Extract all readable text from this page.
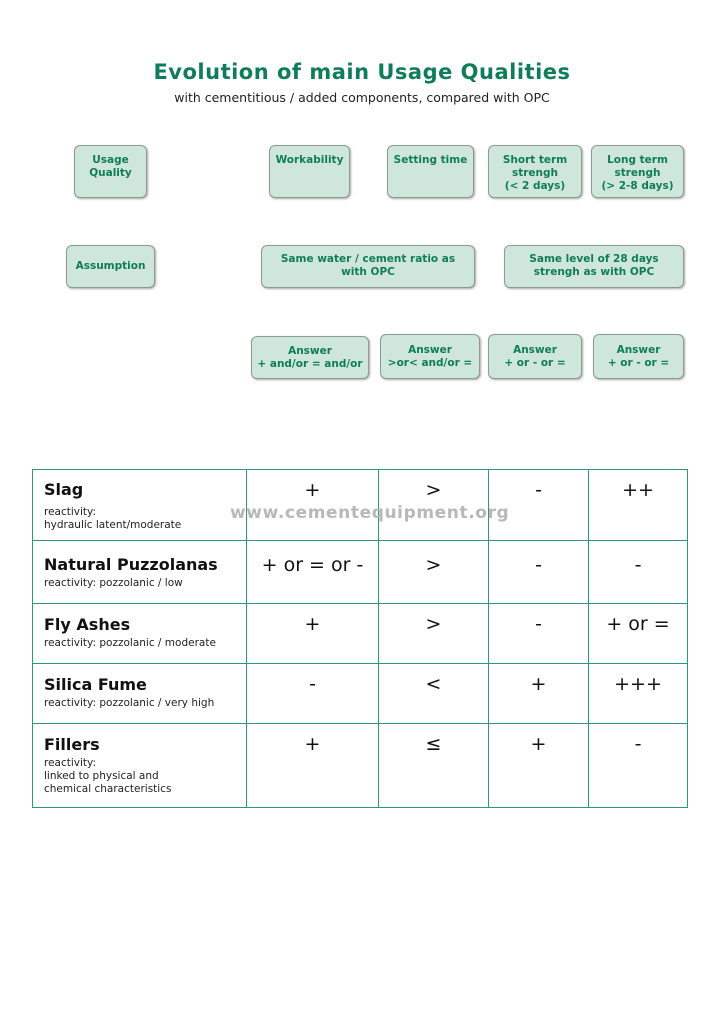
Evolution of main Usage Qualities
with cementitious / added components, compared with OPC
Usage
Quality
Workability	Setting time	Short term
strengh
(< 2 days)
Long term
strengh
(> 2-8 days)
Assumption
Same water / cement ratio as
with OPC
Same level of 28 days
strengh as with OPC
Answer
+ and/or = and/or
Answer
>or< and/or =
Answer
+ or - or =
Answer
+ or - or =
Slag
reactivity:
hydraulic latent/moderate	+	>	-	++

Natural Puzzolanas
reactivity: pozzolanic / low	+ or = or -	>	-	-

Fly Ashes
reactivity: pozzolanic / moderate	+	>	-	+ or =

Silica Fume
reactivity: pozzolanic / very high	-	<	+	+++

Fillers
reactivity:
linked to physical and
chemical characteristics	+	≤	+	-
www.cementequipment.org
